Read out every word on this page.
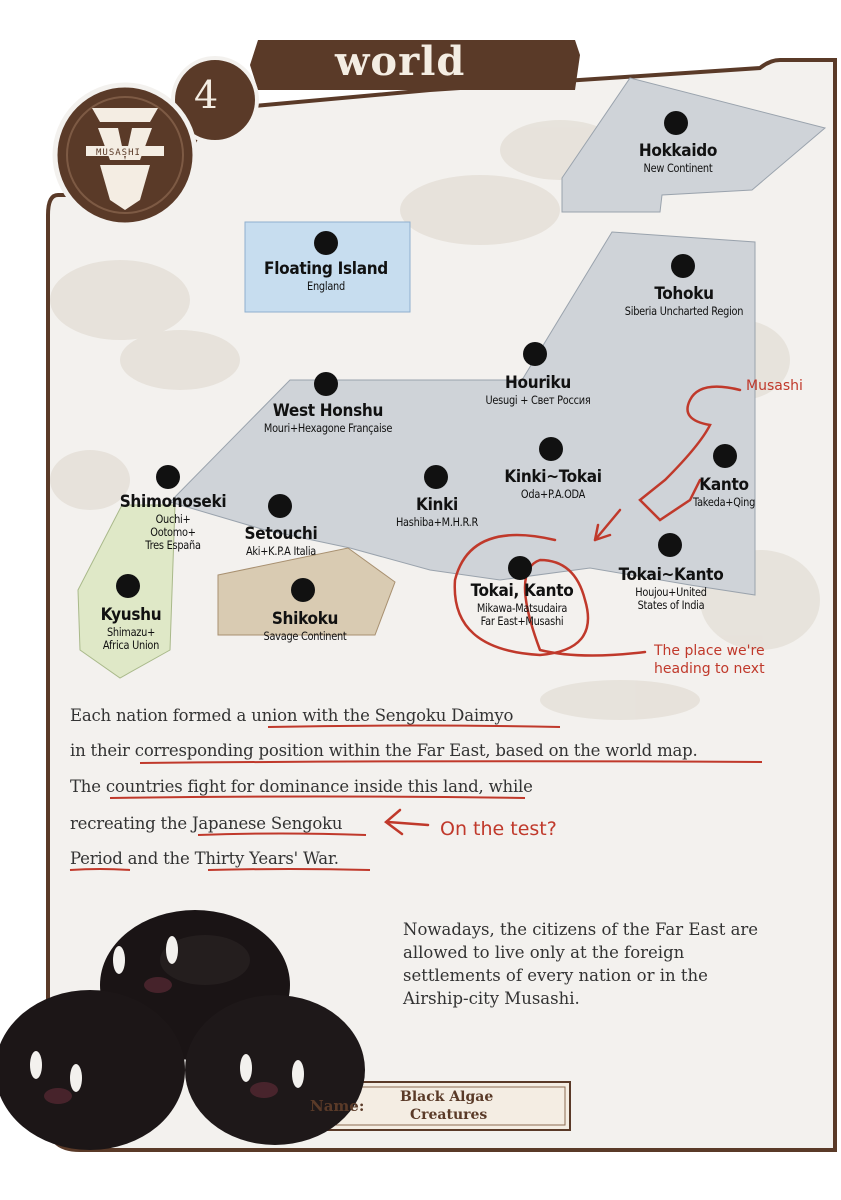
world
4
MUSASHI	Hokkaido
New Continent
Floating Island
England	Tohoku
Siberia Uncharted Region
Houriku
Uesugi + Свет Россия
West Honshu
Mouri+Hexagone Française
Kinki~Tokai
Oda+P.A.ODA	Kanto
Takeda+Qing
Shimonoseki
Ouchi+
Ootomo+
Tres España
Setouchi
Aki+K.P.A Italia
Kinki
Hashiba+M.H.R.R
Tokai, Kanto
Mikawa-Matsudaira
Far East+Musashi
Tokai~Kanto
Houjou+United
States of India
Kyushu
Shimazu+
Africa Union
Shikoku
Savage Continent
Musashi
The place we're
heading to next
On the test?
Each nation formed a union with the Sengoku Daimyo
in their corresponding position within the Far East, based on the world map.
The countries fight for dominance inside this land, while
recreating the Japanese Sengoku
Period and the Thirty Years' War.
Nowadays, the citizens of the Far East are allowed to live only at the foreign settlements of every nation or in the Airship-city Musashi.
Name:	Black Algae
Creatures
